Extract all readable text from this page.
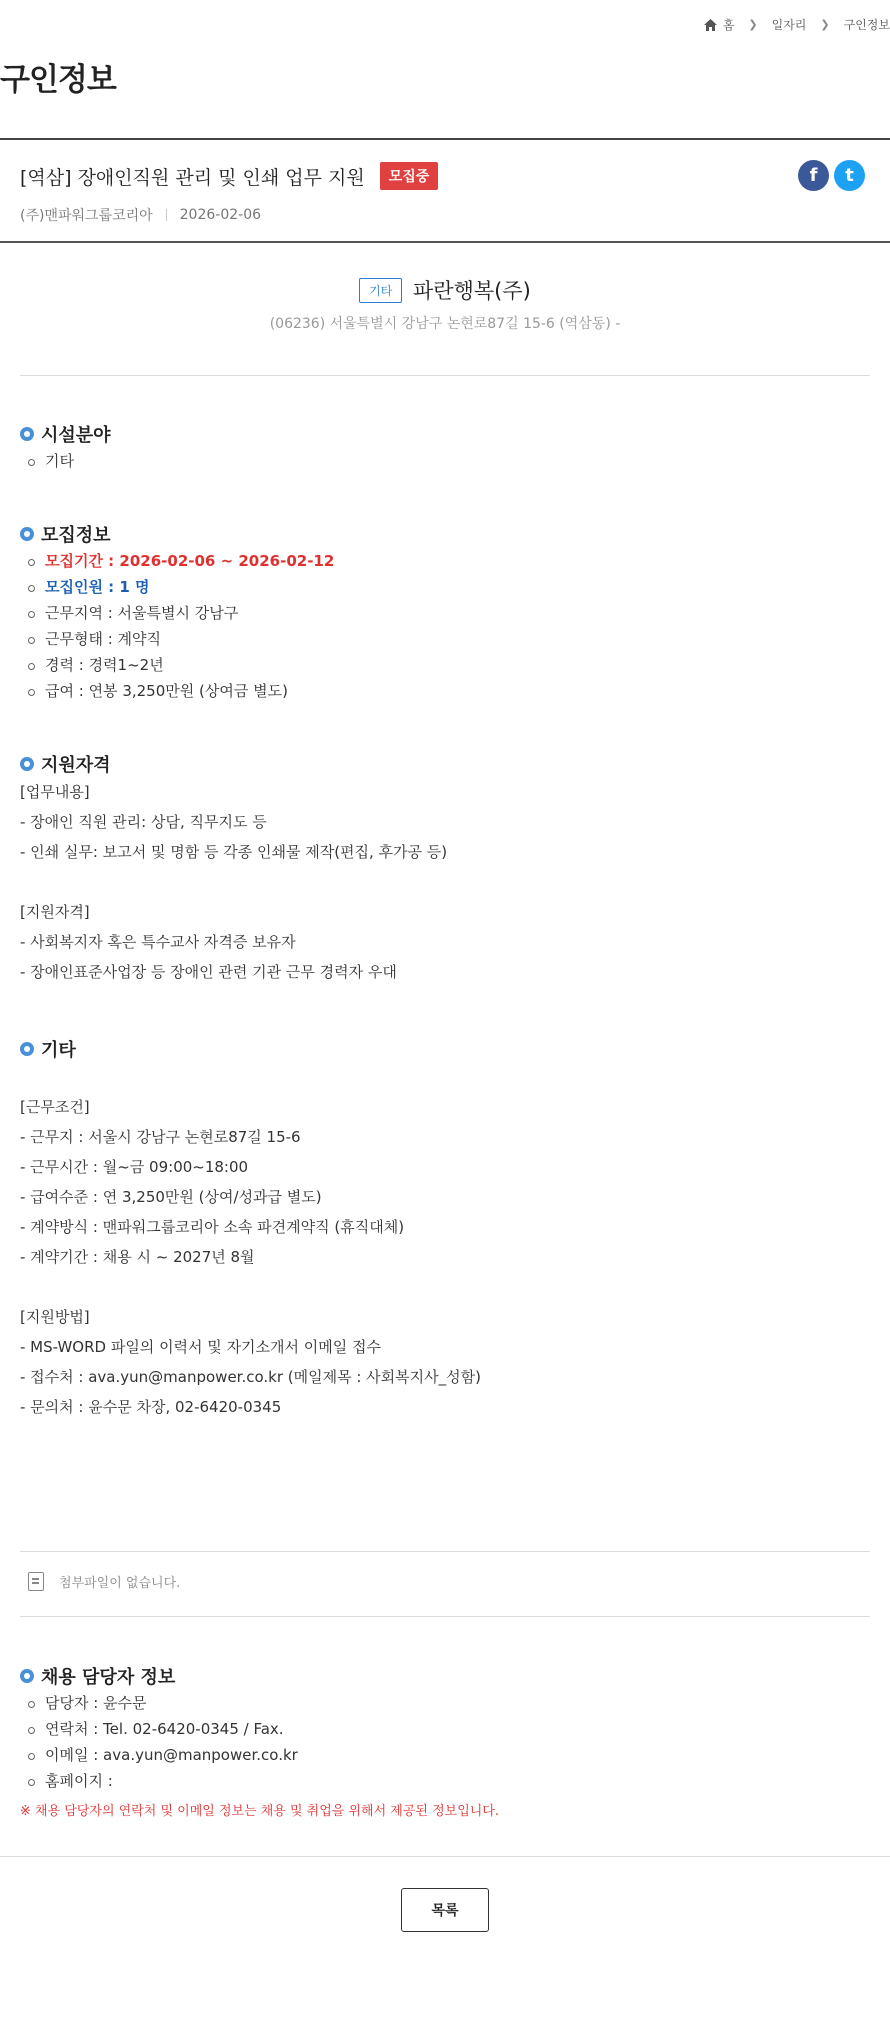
홈 ❯ 일자리 ❯ 구인정보
구인정보
[역삼] 장애인직원 관리 및 인쇄 업무 지원	모집중	f	t
(주)맨파워그룹코리아 2026-02-06
기타 파란행복(주)
(06236) 서울특별시 강남구 논현로87길 15-6 (역삼동) -
시설분야
기타
모집정보
모집기간 : 2026-02-06 ~ 2026-02-12
모집인원 : 1 명
근무지역 : 서울특별시 강남구
근무형태 : 계약직
경력 : 경력1~2년
급여 : 연봉 3,250만원 (상여금 별도)
지원자격
[업무내용]
- 장애인 직원 관리: 상담, 직무지도 등
- 인쇄 실무: 보고서 및 명함 등 각종 인쇄물 제작(편집, 후가공 등)
[지원자격]
- 사회복지자 혹은 특수교사 자격증 보유자
- 장애인표준사업장 등 장애인 관련 기관 근무 경력자 우대
기타
[근무조건]
- 근무지 : 서울시 강남구 논현로87길 15-6
- 근무시간 : 월~금 09:00~18:00
- 급여수준 : 연 3,250만원 (상여/성과급 별도)
- 계약방식 : 맨파워그룹코리아 소속 파견계약직 (휴직대체)
- 계약기간 : 채용 시 ~ 2027년 8월
[지원방법]
- MS-WORD 파일의 이력서 및 자기소개서 이메일 접수
- 접수처 : ava.yun@manpower.co.kr (메일제목 : 사회복지사_성함)
- 문의처 : 윤수문 차장, 02-6420-0345
첨부파일이 없습니다.
채용 담당자 정보
담당자 : 윤수문
연락처 : Tel. 02-6420-0345 / Fax.
이메일 : ava.yun@manpower.co.kr
홈페이지 :
※ 채용 담당자의 연락처 및 이메일 정보는 채용 및 취업을 위해서 제공된 정보입니다.
목록
